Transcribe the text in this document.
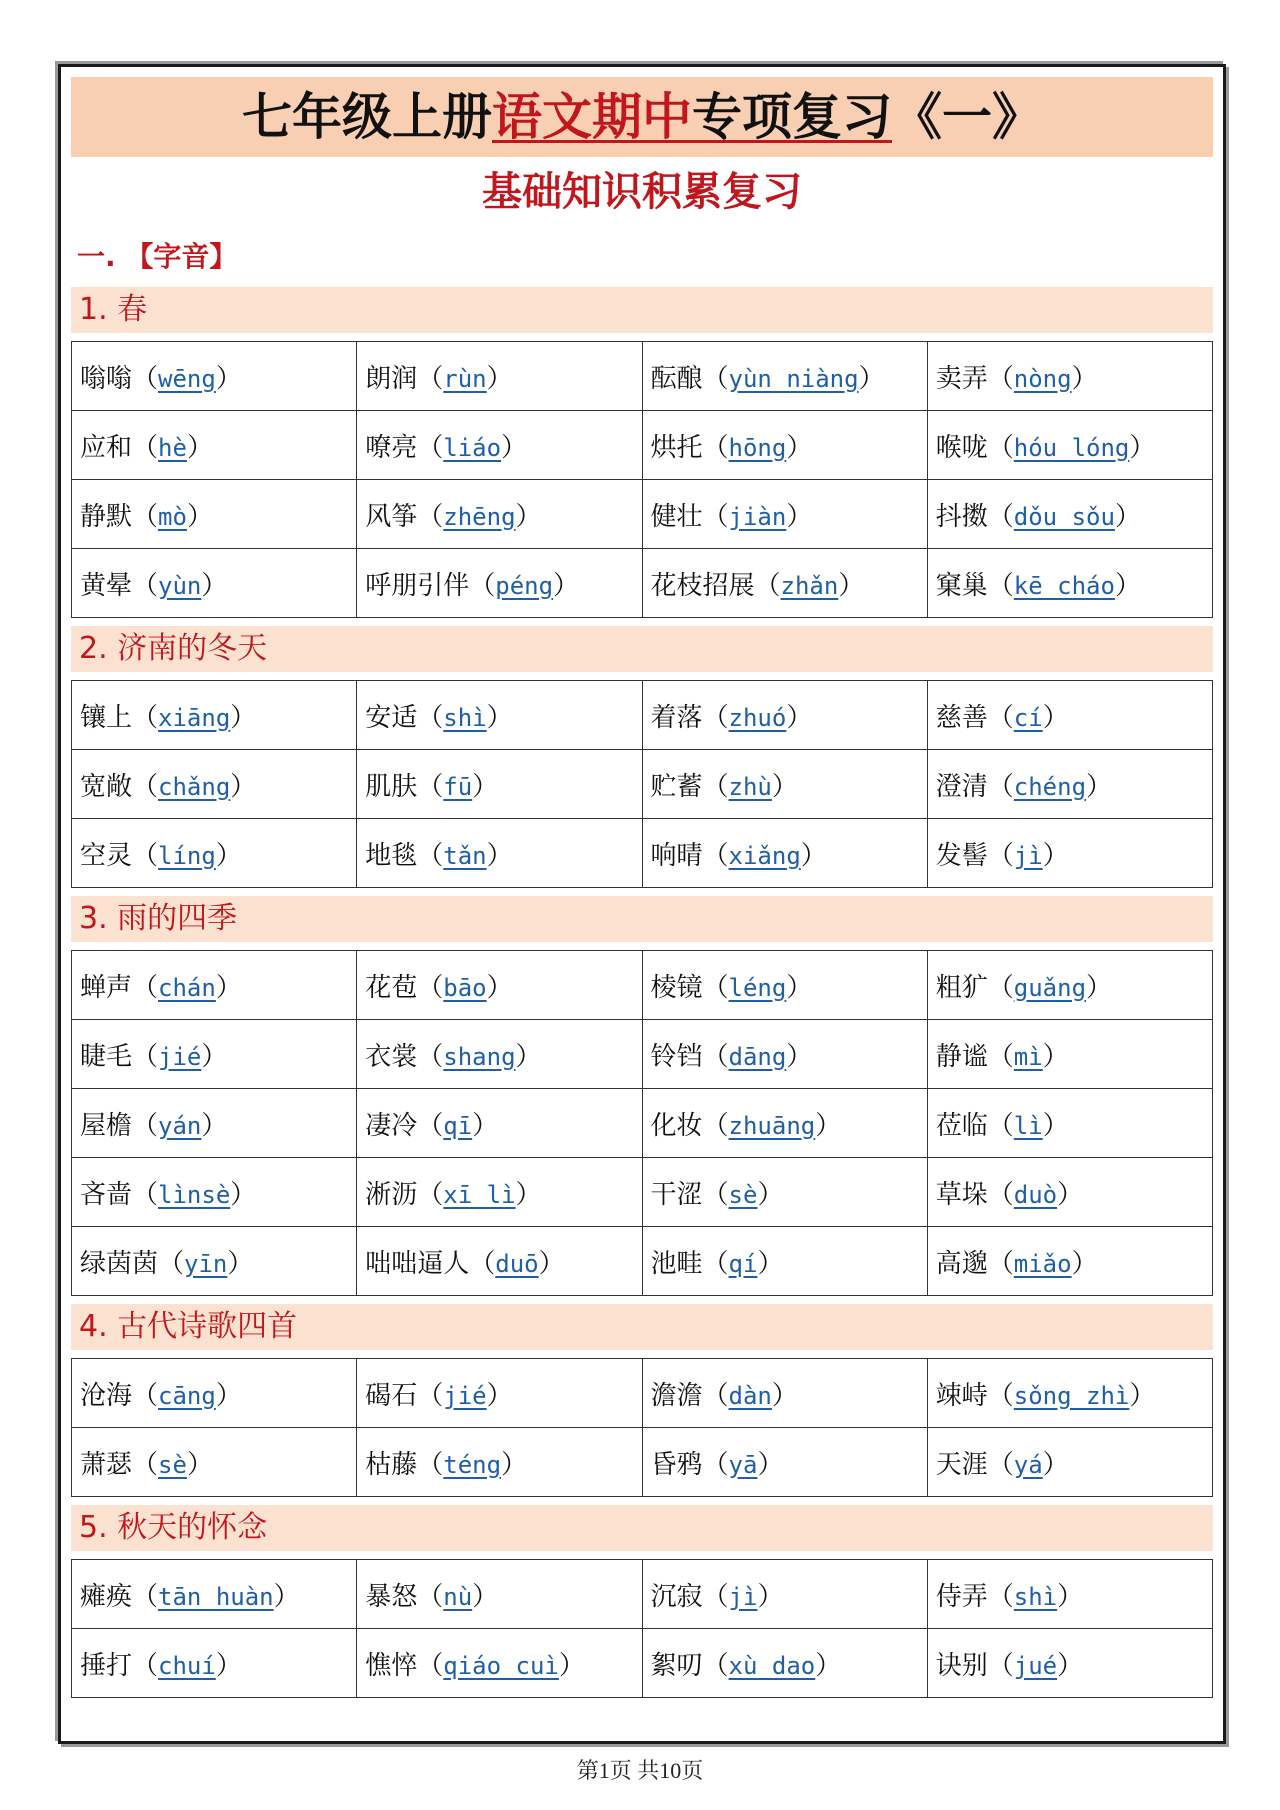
七年级上册语文期中专项复习《一》
基础知识积累复习
一. 【字音】
1. 春
嗡嗡（wēng）	朗润（rùn）	酝酿（yùn niàng）	卖弄（nòng）
应和（hè）	嘹亮（liáo）	烘托（hōng）	喉咙（hóu lóng）
静默（mò）	风筝（zhēng）	健壮（jiàn）	抖擞（dǒu sǒu）
黄晕（yùn）	呼朋引伴（péng）	花枝招展（zhǎn）	窠巢（kē cháo）
2. 济南的冬天
镶上（xiāng）	安适（shì）	着落（zhuó）	慈善（cí）
宽敞（chǎng）	肌肤（fū）	贮蓄（zhù）	澄清（chéng）
空灵（líng）	地毯（tǎn）	响晴（xiǎng）	发髻（jì）
3. 雨的四季
蝉声（chán）	花苞（bāo）	棱镜（léng）	粗犷（guǎng）
睫毛（jié）	衣裳（shang）	铃铛（dāng）	静谧（mì）
屋檐（yán）	凄冷（qī）	化妆（zhuāng）	莅临（lì）
吝啬（lìnsè）	淅沥（xī lì）	干涩（sè）	草垛（duò）
绿茵茵（yīn）	咄咄逼人（duō）	池畦（qí）	高邈（miǎo）
4. 古代诗歌四首
沧海（cāng）	碣石（jié）	澹澹（dàn）	竦峙（sǒng zhì）
萧瑟（sè）	枯藤（téng）	昏鸦（yā）	天涯（yá）
5. 秋天的怀念
瘫痪（tān huàn）	暴怒（nù）	沉寂（jì）	侍弄（shì）
捶打（chuí）	憔悴（qiáo cuì）	絮叨（xù dao）	诀别（jué）
第1页 共10页
